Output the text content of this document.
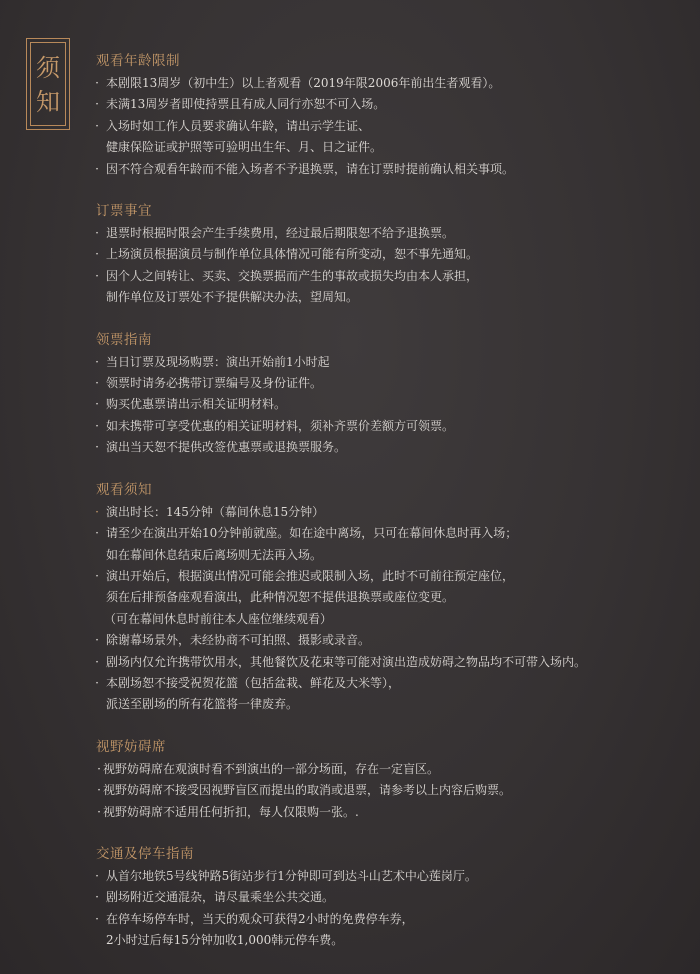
须
知
观看年龄限制
· 本剧限13周岁（初中生）以上者观看（2019年限2006年前出生者观看）。
· 未满13周岁者即使持票且有成人同行亦恕不可入场。
· 入场时如工作人员要求确认年龄，请出示学生证、
健康保险证或护照等可验明出生年、月、日之证件。
· 因不符合观看年龄而不能入场者不予退换票，请在订票时提前确认相关事项。
订票事宜
· 退票时根据时限会产生手续费用，经过最后期限恕不给予退换票。
· 上场演员根据演员与制作单位具体情况可能有所变动，恕不事先通知。
· 因个人之间转让、买卖、交换票据而产生的事故或损失均由本人承担，
制作单位及订票处不予提供解决办法，望周知。
领票指南
· 当日订票及现场购票：演出开始前1小时起
· 领票时请务必携带订票编号及身份证件。
· 购买优惠票请出示相关证明材料。
· 如未携带可享受优惠的相关证明材料，须补齐票价差额方可领票。
· 演出当天恕不提供改签优惠票或退换票服务。
观看须知
· 演出时长：145分钟（幕间休息15分钟）
· 请至少在演出开始10分钟前就座。如在途中离场，只可在幕间休息时再入场；
如在幕间休息结束后离场则无法再入场。
· 演出开始后，根据演出情况可能会推迟或限制入场，此时不可前往预定座位，
须在后排预备座观看演出，此种情况恕不提供退换票或座位变更。
（可在幕间休息时前往本人座位继续观看）
· 除谢幕场景外，未经协商不可拍照、摄影或录音。
· 剧场内仅允许携带饮用水，其他餐饮及花束等可能对演出造成妨碍之物品均不可带入场内。
· 本剧场恕不接受祝贺花篮（包括盆栽、鲜花及大米等），
派送至剧场的所有花篮将一律废弃。
视野妨碍席
· 视野妨碍席在观演时看不到演出的一部分场面，存在一定盲区。
· 视野妨碍席不接受因视野盲区而提出的取消或退票，请参考以上内容后购票。
· 视野妨碍席不适用任何折扣，每人仅限购一张。.
交通及停车指南
· 从首尔地铁5号线钟路5街站步行1分钟即可到达斗山艺术中心莲岗厅。
· 剧场附近交通混杂，请尽量乘坐公共交通。
· 在停车场停车时，当天的观众可获得2小时的免费停车券，
2小时过后每15分钟加收1,000韩元停车费。
